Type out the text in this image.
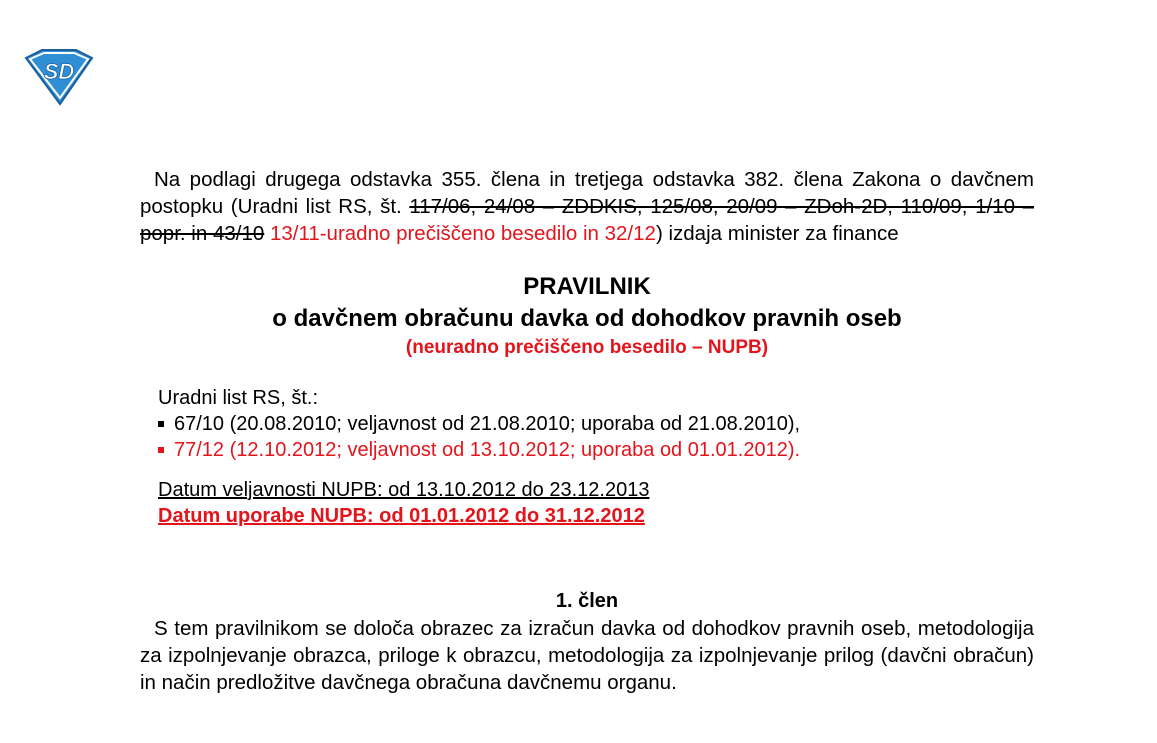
SD

Na podlagi drugega odstavka 355. člena in tretjega odstavka 382. člena Zakona o davčnem postopku (Uradni list RS, št. 117/06, 24/08 – ZDDKIS, 125/08, 20/09 – ZDoh-2D, 110/09, 1/10 – popr. in 43/10 13/11-uradno prečiščeno besedilo in 32/12) izdaja minister za finance

PRAVILNIK
o davčnem obračunu davka od dohodkov pravnih oseb
(neuradno prečiščeno besedilo – NUPB)
Uradni list RS, št.:
67/10 (20.08.2010; veljavnost od 21.08.2010; uporaba od 21.08.2010),
77/12 (12.10.2012; veljavnost od 13.10.2012; uporaba od 01.01.2012).
Datum veljavnosti NUPB: od 13.10.2012 do 23.12.2013
Datum uporabe NUPB: od 01.01.2012 do 31.12.2012
1. člen

S tem pravilnikom se določa obrazec za izračun davka od dohodkov pravnih oseb, metodologija za izpolnjevanje obrazca, priloge k obrazcu, metodologija za izpolnjevanje prilog (davčni obračun) in način predložitve davčnega obračuna davčnemu organu.
